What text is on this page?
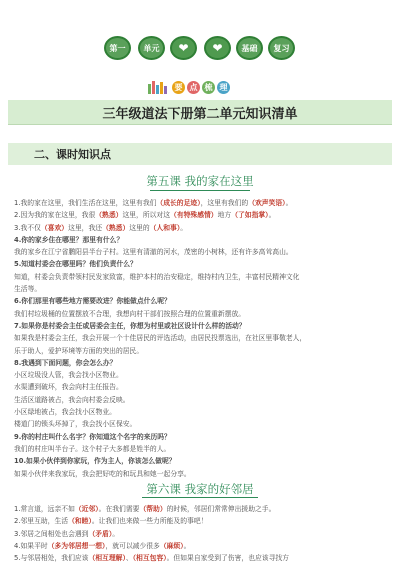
第一	单元	❤ ❤	基础	复习
要 点 梳 理
三年级道法下册第二单元知识清单
二、课时知识点
第五课 我的家在这里
1.我的家在这里，我们生活在这里，这里有我们（成长的足迹），这里有我们的（欢声笑语）。
2.因为我的家在这里，我很（熟悉）这里，所以对这（有特殊感情）地方（了如指掌）。
3.我不仅（喜欢）这里，我还（熟悉）这里的（人和事）。
4.你的家乡住在哪里？那里有什么？
我的家乡在江宁省鹏阳县半台子村。这里有清澈的河水，茂密的小树林，还有许多高耸高山。
5.知道村委会在哪里吗？他们负责什么？
知道，村委会负责带领村民发家致富，维护本村的治安稳定，维持村内卫生，丰富村民精神文化
生活等。
6.你们那里有哪些地方需要改进？你能做点什么呢？
我们村垃圾桶的位置摆放不合理，我想向村干部们按照合理的位置重新摆放。
7.如果你是村委会主任或居委会主任，你想为村里或社区设计什么样的活动？
如果我是村委会主任，我会开展一个十佳居民的评选活动，由居民投票选出，在社区里事敬老人，
乐于助人，爱护环境等方面的突出的居民。
8.我遇到下面问题，你会怎么办？
小区垃圾没人管，我会找小区物业。
水渠遭到破坏，我会向村主任报告。
生活区道路被占，我会向村委会反映。
小区绿地被占，我会找小区物业。
楼道门的锁头坏掉了，我会找小区保安。
9.你的村庄叫什么名字？你知道这个名字的来历吗？
我们的村庄叫半台子。这个村子大多都是姓半的人。
10.如果小伙伴到你家玩，作为主人，你该怎么做呢？
如果小伙伴来我家玩，我会把好吃的和玩具和她一起分享。
第六课 我家的好邻居
1.常言道，远亲不如（近邻）。在我们需要（帮助）的时候，邻居们常常伸出援助之手。
2.邻里互助，生活（和睦）。让我们也来做一些力所能及的事吧！
3.邻居之间相处也会遇到（矛盾）。
4.如果平时（多为邻居想一想），就可以减少很多（麻烦）。
5.与邻居相处，我们应该（相互理解）、（相互包容）。但如果自家受到了伤害，也应该寻找方
